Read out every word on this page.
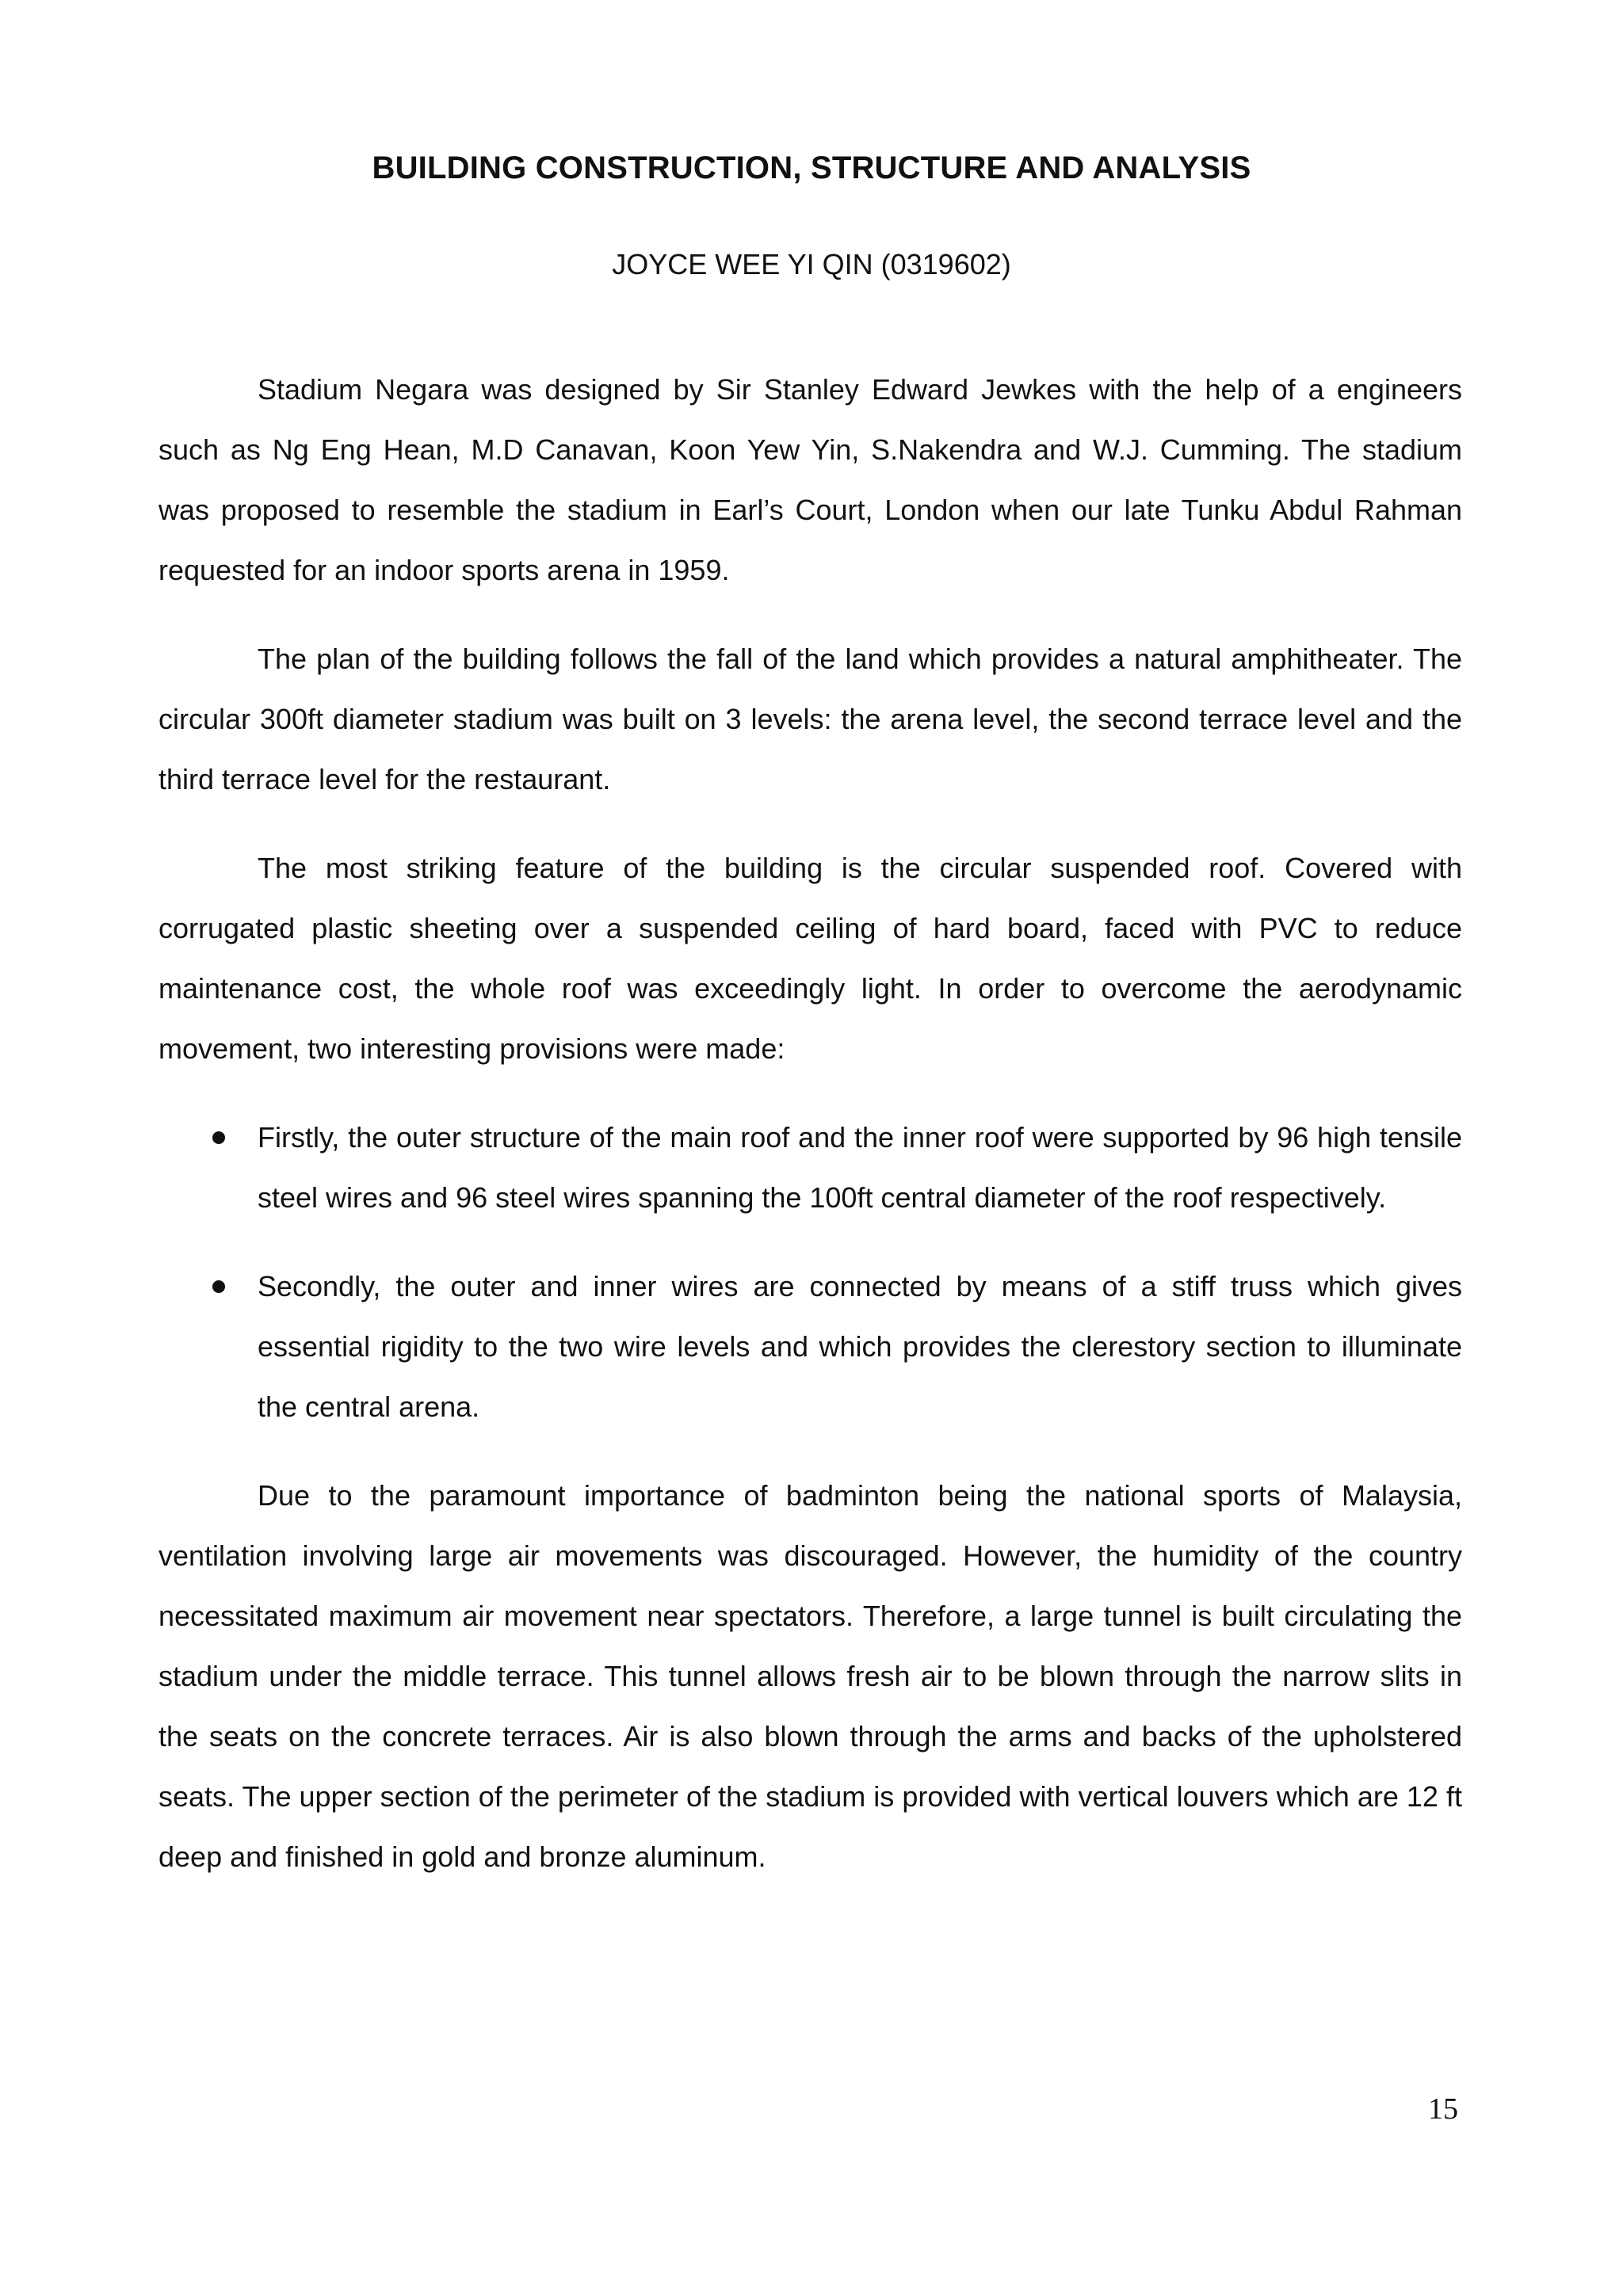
BUILDING CONSTRUCTION, STRUCTURE AND ANALYSIS

JOYCE WEE YI QIN (0319602)

Stadium Negara was designed by Sir Stanley Edward Jewkes with the help of a engineers such as Ng Eng Hean, M.D Canavan, Koon Yew Yin, S.Nakendra and W.J. Cumming. The stadium was proposed to resemble the stadium in Earl’s Court, London when our late Tunku Abdul Rahman requested for an indoor sports arena in 1959.

The plan of the building follows the fall of the land which provides a natural amphitheater. The circular 300ft diameter stadium was built on 3 levels: the arena level, the second terrace level and the third terrace level for the restaurant.

The most striking feature of the building is the circular suspended roof. Covered with corrugated plastic sheeting over a suspended ceiling of hard board, faced with PVC to reduce maintenance cost, the whole roof was exceedingly light. In order to overcome the aerodynamic movement, two interesting provisions were made:

Firstly, the outer structure of the main roof and the inner roof were supported by 96 high tensile steel wires and 96 steel wires spanning the 100ft central diameter of the roof respectively.
Secondly, the outer and inner wires are connected by means of a stiff truss which gives essential rigidity to the two wire levels and which provides the clerestory section to illuminate the central arena.

Due to the paramount importance of badminton being the national sports of Malaysia, ventilation involving large air movements was discouraged. However, the humidity of the country necessitated maximum air movement near spectators. Therefore, a large tunnel is built circulating the stadium under the middle terrace. This tunnel allows fresh air to be blown through the narrow slits in the seats on the concrete terraces. Air is also blown through the arms and backs of the upholstered seats. The upper section of the perimeter of the stadium is provided with vertical louvers which are 12 ft deep and finished in gold and bronze aluminum.

15
